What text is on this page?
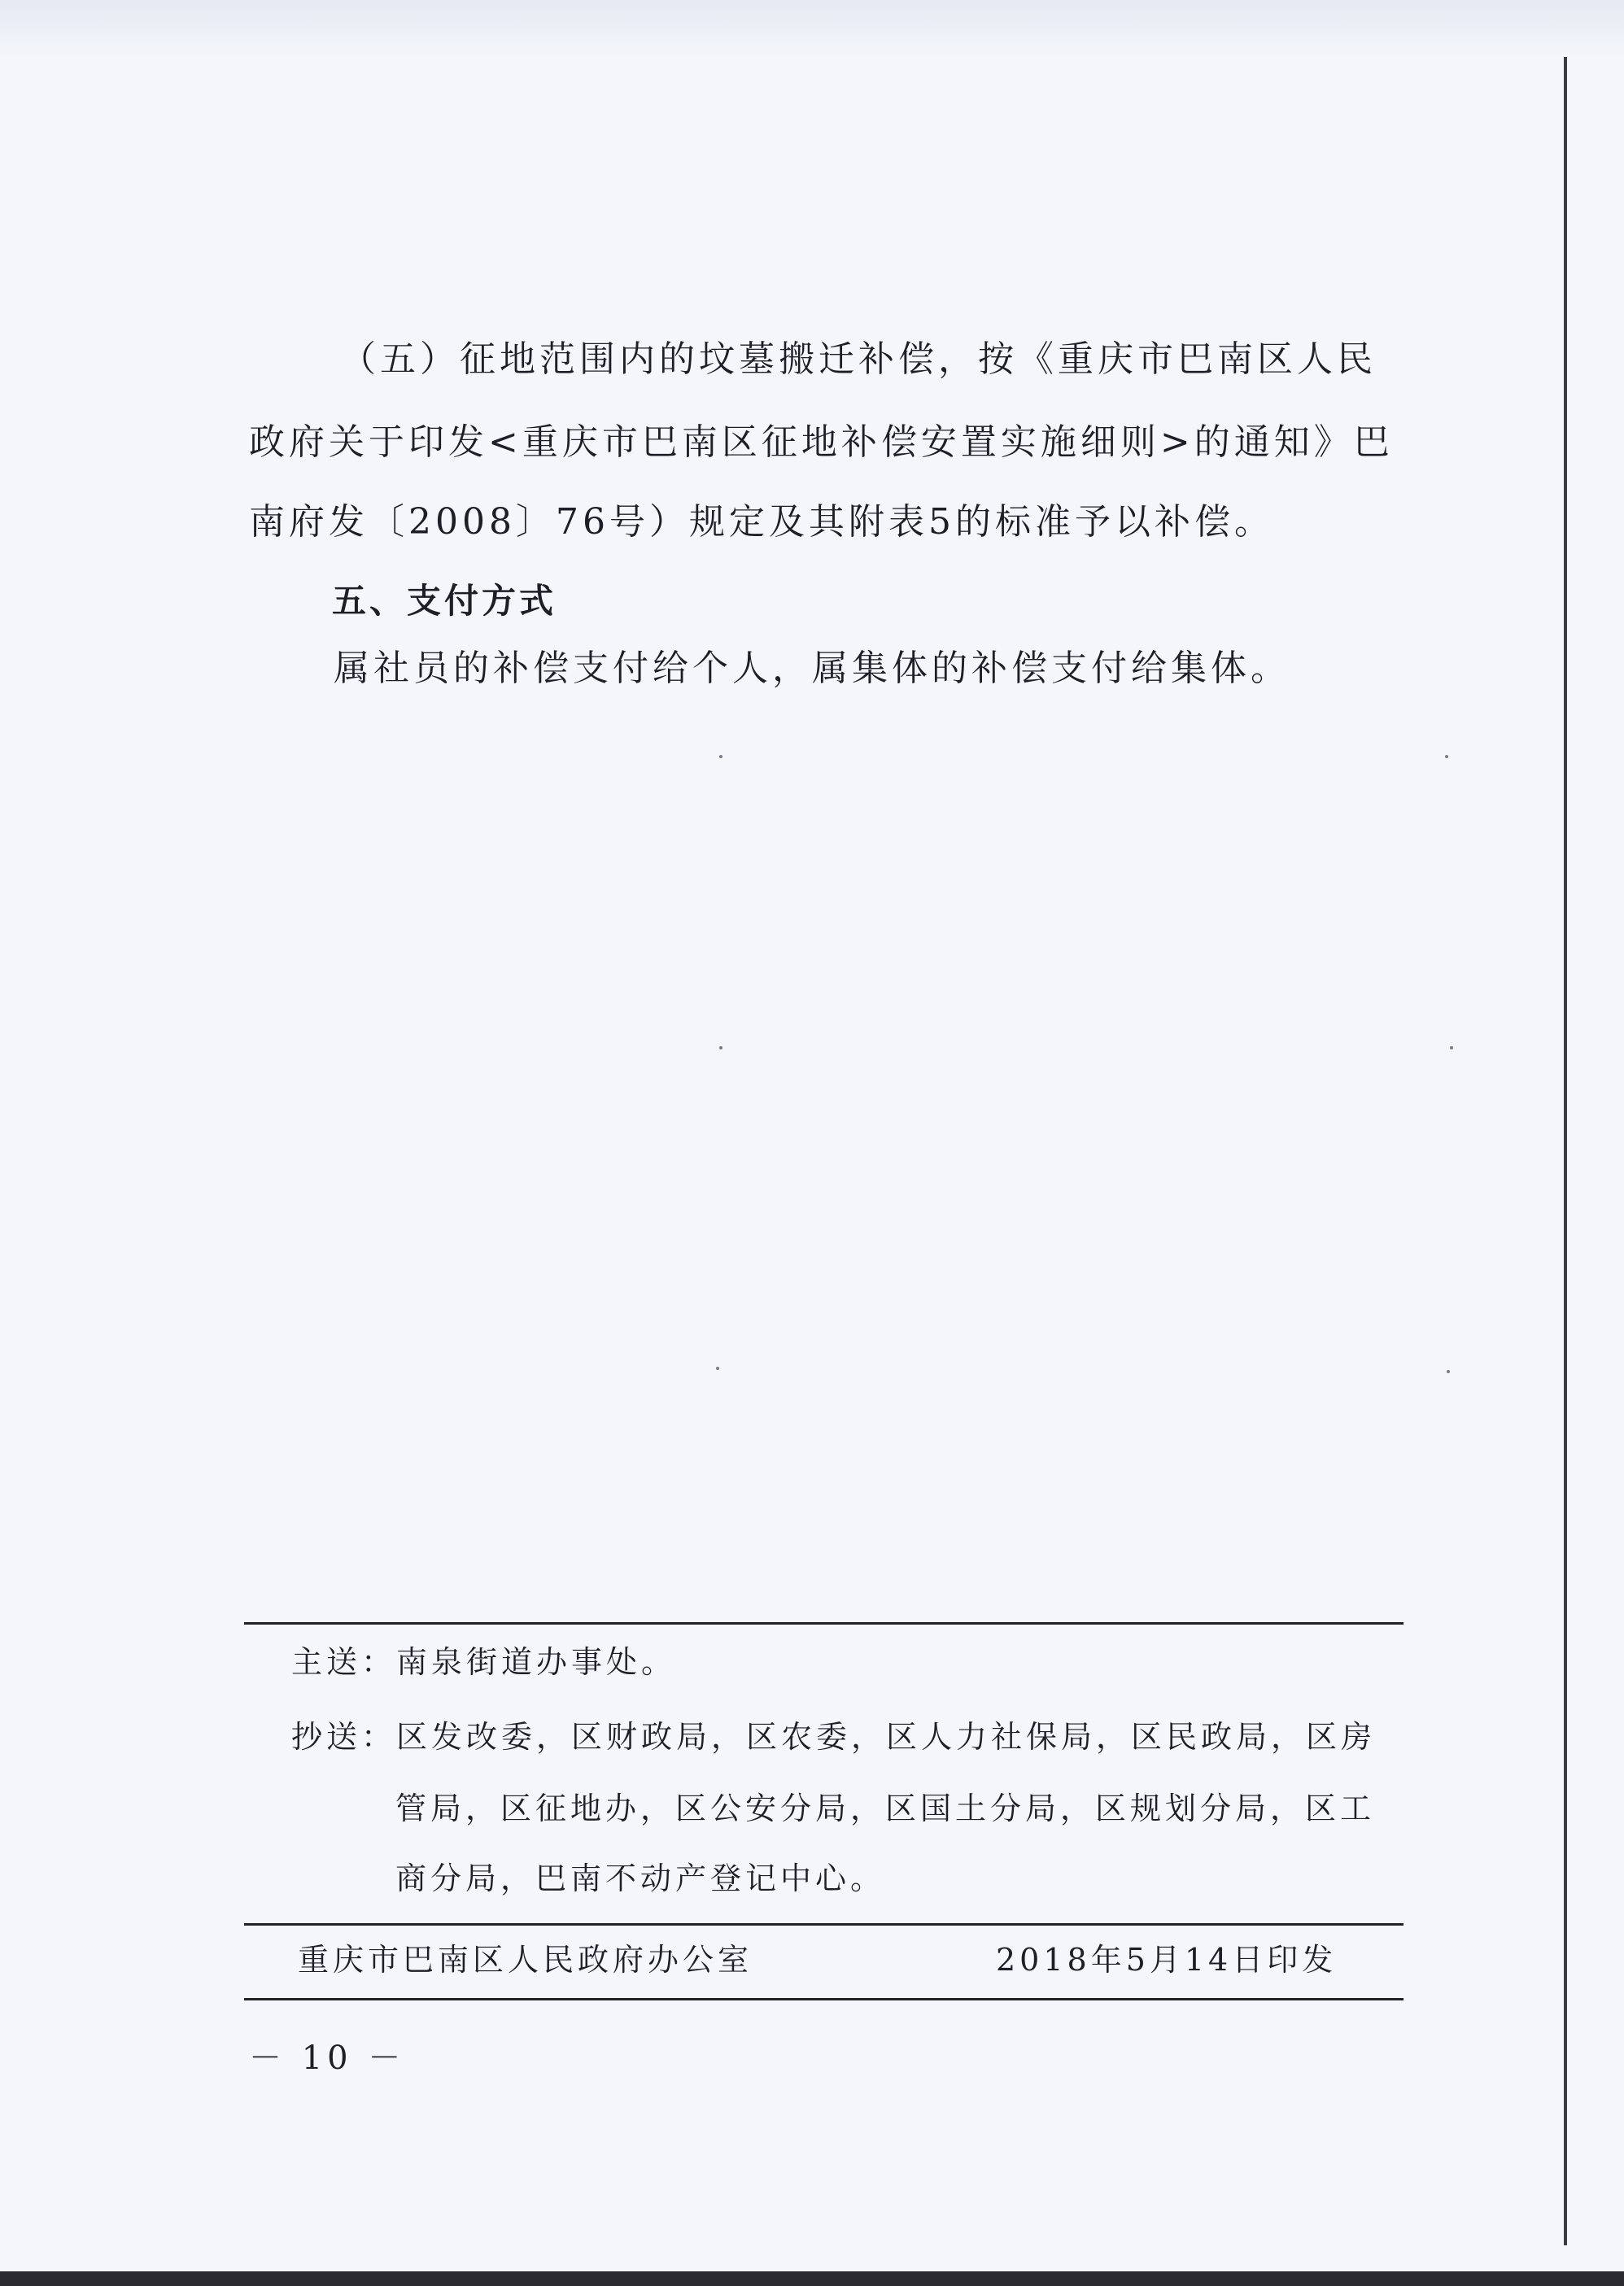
（五）征地范围内的坟墓搬迁补偿，按《重庆市巴南区人民
政府关于印发<重庆市巴南区征地补偿安置实施细则>的通知》巴
南府发〔2008〕76号）规定及其附表5的标准予以补偿。
五、支付方式
属社员的补偿支付给个人，属集体的补偿支付给集体。
主送：南泉街道办事处。
抄送：区发改委，区财政局，区农委，区人力社保局，区民政局，区房
管局，区征地办，区公安分局，区国土分局，区规划分局，区工
商分局，巴南不动产登记中心。
重庆市巴南区人民政府办公室	2018年5月14日印发
－ 10 －
